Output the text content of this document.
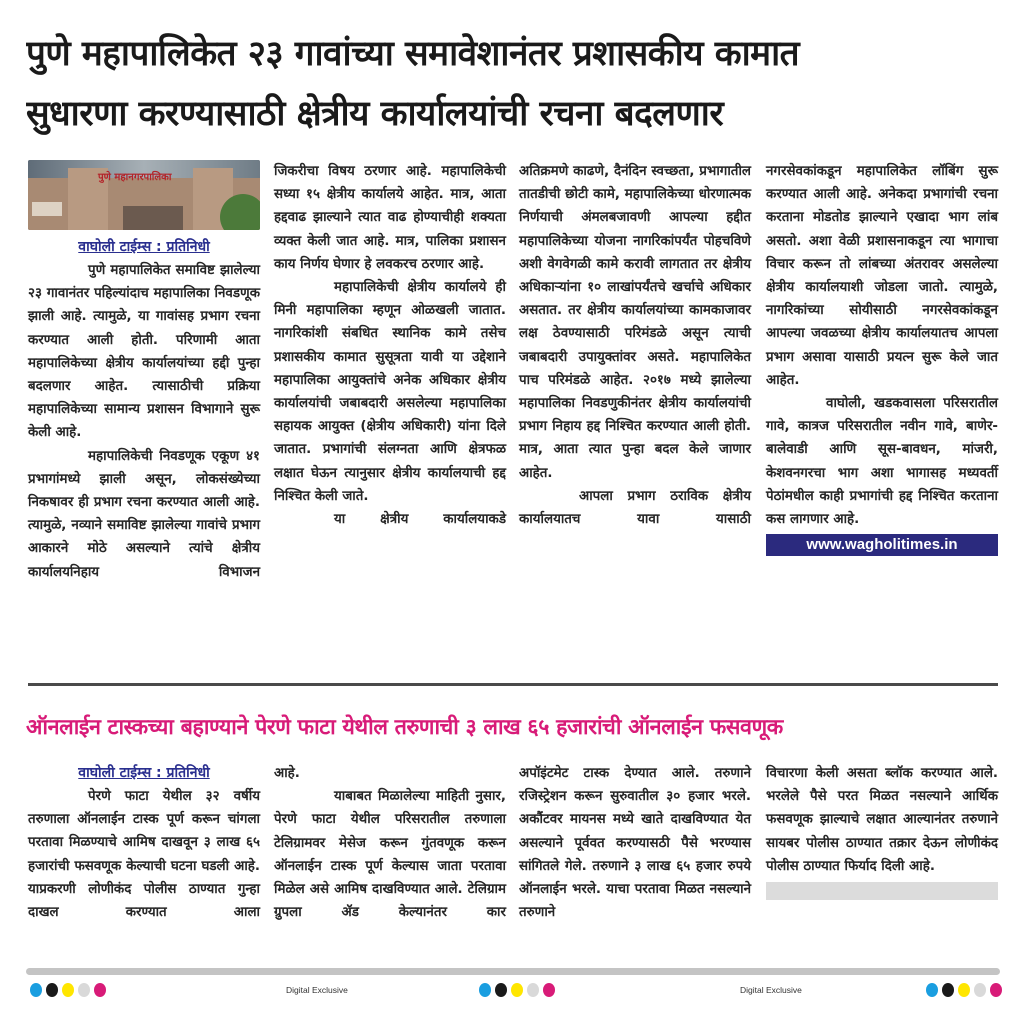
पुणे महापालिकेत २३ गावांच्या समावेशानंतर प्रशासकीय कामात
सुधारणा करण्यासाठी क्षेत्रीय कार्यालयांची रचना बदलणार
पुणे महानगरपालिका
वाघोली टाईम्स : प्रतिनिधी

पुणे महापालिकेत समाविष्ट झालेल्या २३ गावानंतर पहिल्यांदाच महापालिका निवडणूक झाली आहे. त्यामुळे, या गावांसह प्रभाग रचना करण्यात आली होती. परिणामी आता महापालिकेच्या क्षेत्रीय कार्यालयांच्या हद्दी पुन्हा बदलणार आहेत. त्यासाठीची प्रक्रिया महापालिकेच्या सामान्य प्रशासन विभागाने सुरू केली आहे.

महापालिकेची निवडणूक एकूण ४१ प्रभागांमध्ये झाली असून, लोकसंख्येच्या निकषावर ही प्रभाग रचना करण्यात आली आहे. त्यामुळे, नव्याने समाविष्ट झालेल्या गावांचे प्रभाग आकारने मोठे असल्याने त्यांचे क्षेत्रीय कार्यालयनिहाय विभाजन

जिकरीचा विषय ठरणार आहे. महापालिकेची सध्या १५ क्षेत्रीय कार्यालये आहेत. मात्र, आता हद्दवाढ झाल्याने त्यात वाढ होण्याचीही शक्यता व्यक्त केली जात आहे. मात्र, पालिका प्रशासन काय निर्णय घेणार हे लवकरच ठरणार आहे.

महापालिकेची क्षेत्रीय कार्यालये ही मिनी महापालिका म्हणून ओळखली जातात. नागरिकांशी संबधित स्थानिक कामे तसेच प्रशासकीय कामात सुसूत्रता यावी या उद्देशाने महापालिका आयुक्तांचे अनेक अधिकार क्षेत्रीय कार्यालयांची जबाबदारी असलेल्या महापालिका सहायक आयुक्त (क्षेत्रीय अधिकारी) यांना दिले जातात. प्रभागांची संलग्नता आणि क्षेत्रफळ लक्षात घेऊन त्यानुसार क्षेत्रीय कार्यालयाची हद्द निश्चित केली जाते.

या क्षेत्रीय कार्यालयाकडे

अतिक्रमणे काढणे, दैनंदिन स्वच्छता, प्रभागातील तातडीची छोटी कामे, महापालिकेच्या धोरणात्मक निर्णयाची अंमलबजावणी आपल्या हद्दीत महापालिकेच्या योजना नागरिकांपर्यंत पोहचविणे अशी वेगवेगळी कामे करावी लागतात तर क्षेत्रीय अधिकाऱ्यांना १० लाखांपर्यंतचे खर्चाचे अधिकार असतात. तर क्षेत्रीय कार्यालयांच्या कामकाजावर लक्ष ठेवण्यासाठी परिमंडळे असून त्याची जबाबदारी उपायुक्तांवर असते. महापालिकेत पाच परिमंडळे आहेत. २०१७ मध्ये झालेल्या महापालिका निवडणुकीनंतर क्षेत्रीय कार्यालयांची प्रभाग निहाय हद्द निश्चित करण्यात आली होती. मात्र, आता त्यात पुन्हा बदल केले जाणार आहेत.

आपला प्रभाग ठराविक क्षेत्रीय कार्यालयातच यावा यासाठी

नगरसेवकांकडून महापालिकेत लॉबिंग सुरू करण्यात आली आहे. अनेकदा प्रभागांची रचना करताना मोडतोड झाल्याने एखादा भाग लांब असतो. अशा वेळी प्रशासनाकडून त्या भागाचा विचार करून तो लांबच्या अंतरावर असलेल्या क्षेत्रीय कार्यालयाशी जोडला जातो. त्यामुळे, नागरिकांच्या सोयीसाठी नगरसेवकांकडून आपल्या जवळच्या क्षेत्रीय कार्यालयातच आपला प्रभाग असावा यासाठी प्रयत्न सुरू केले जात आहेत.

वाघोली, खडकवासला परिसरातील गावे, कात्रज परिसरातील नवीन गावे, बाणेर-बालेवाडी आणि सूस-बावधन, मांजरी, केशवनगरचा भाग अशा भागासह मध्यवर्ती पेठांमधील काही प्रभागांची हद्द निश्चित करताना कस लागणार आहे.

www.wagholitimes.in
ऑनलाईन टास्कच्या बहाण्याने पेरणे फाटा येथील तरुणाची ३ लाख ६५ हजारांची ऑनलाईन फसवणूक
वाघोली टाईम्स : प्रतिनिधी

पेरणे फाटा येथील ३२ वर्षीय तरुणाला ऑनलाईन टास्क पूर्ण करून चांगला परतावा मिळण्याचे आमिष दाखवून ३ लाख ६५ हजारांची फसवणूक केल्याची घटना घडली आहे. याप्रकरणी लोणीकंद पोलीस ठाण्यात गुन्हा दाखल करण्यात आला

आहे.

याबाबत मिळालेल्या माहिती नुसार, पेरणे फाटा येथील परिसरातील तरुणाला टेलिग्रामवर मेसेज करून गुंतवणूक करून ऑनलाईन टास्क पूर्ण केल्यास जाता परतावा मिळेल असे आमिष दाखविण्यात आले. टेलिग्राम ग्रुपला ॲड केल्यानंतर कार

अपॉइंटमेट टास्क देण्यात आले. तरुणाने रजिस्ट्रेशन करून सुरुवातील ३० हजार भरले. अकौंटवर मायनस मध्ये खाते दाखविण्यात येत असल्याने पूर्ववत करण्यासठी पैसे भरण्यास सांगितले गेले. तरुणाने ३ लाख ६५ हजार रुपये ऑनलाईन भरले. याचा परतावा मिळत नसल्याने तरुणाने

विचारणा केली असता ब्लॉक करण्यात आले. भरलेले पैसे परत मिळत नसल्याने आर्थिक फसवणूक झाल्याचे लक्षात आल्यानंतर तरुणाने सायबर पोलीस ठाण्यात तक्रार देऊन लोणीकंद पोलीस ठाण्यात फिर्याद दिली आहे.

Digital Exclusive	Digital Exclusive
